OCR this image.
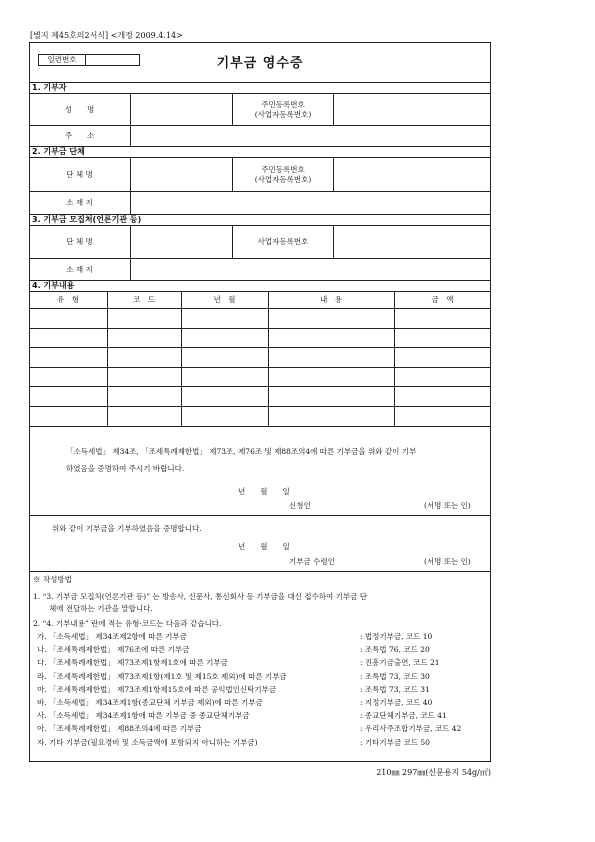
[별지 제45호의2서식] <개정 2009.4.14>
일련번호	기부금 영수증
1. 기부자
성　　명	주민등록번호
(사업자등록번호)
주　　소
2. 기부금 단체
단 체 명	주민등록번호
(사업자등록번호)
소 재 지
3. 기부금 모집처(언론기관 등)
단 체 명	사업자등록번호
소 재 지
4. 기부내용
유　형	코　드	년　월	내　용	금　액
「소득세법」 제34조, 「조세특례제한법」 제73조, 제76조 및 제88조의4에 따른 기부금을 위와 같이 기부
하였음을 증명하여 주시기 바랍니다.
년　　월　　일
신청인	(서명 또는 인)
위와 같이 기부금을 기부하였음을 증명합니다.
년　　월　　일
기부금 수령인	(서명 또는 인)
※ 작성방법
1. “3. 기부금 모집처(언론기관 등)” 는 방송사, 신문사, 통신회사 등 기부금을 대신 접수하여 기부금 단
체에 전달하는 기관을 말합니다.
2. “4. 기부내용” 란에 적는 유형·코드는 다음과 같습니다.
가. 「소득세법」 제34조제2항에 따른 기부금	: 법정기부금, 코드 10
나. 「조세특례제한법」 제76조에 따른 기부금	: 조특법 76, 코드 20
다. 「조세특례제한법」 제73조제1항제1호에 따른 기부금	: 진흥기금출연, 코드 21
라. 「조세특례제한법」 제73조제1항(제1호 및 제15호 제외)에 따른 기부금	: 조특법 73, 코드 30
마. 「조세특례제한법」 제73조제1항제15호에 따른 공익법인신탁기부금	: 조특법 73, 코드 31
바. 「소득세법」 제34조제1항(종교단체 기부금 제외)에 따른 기부금	: 지정기부금, 코드 40
사. 「소득세법」 제34조제1항에 따른 기부금 중 종교단체기부금	: 종교단체기부금, 코드 41
아. 「조세특례제한법」 제88조의4에 따른 기부금	: 우리사주조합기부금, 코드 42
자. 기타 기부금(필요경비 및 소득금액에 포함되지 아니하는 기부금)	: 기타기부금 코드 50
210㎜ 297㎜(신문용지 54g/㎡)
